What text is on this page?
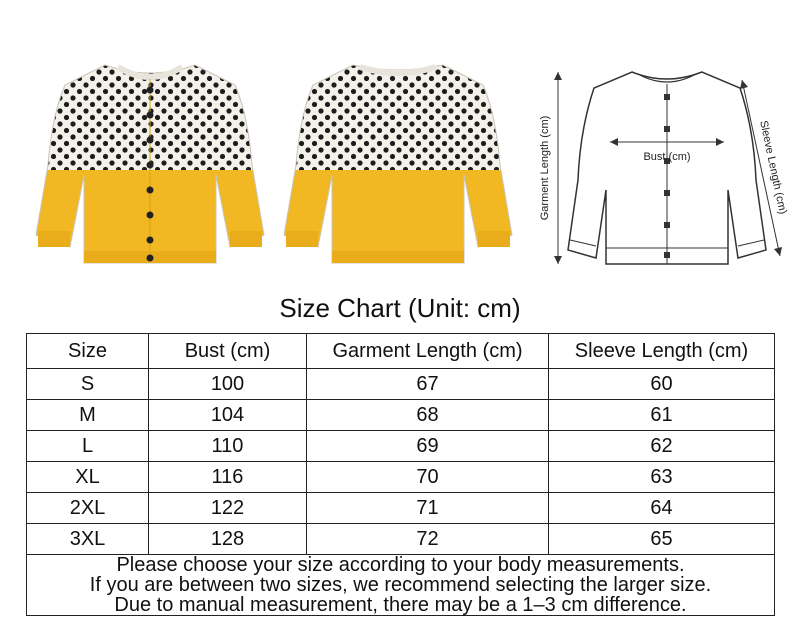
Bust (cm)
Garment Length (cm)	Sleeve Length (cm)
Size Chart (Unit: cm)
Size	Bust (cm)	Garment Length (cm)	Sleeve Length (cm)
S	100	67	60
M	104	68	61
L	110	69	62
XL	116	70	63
2XL	122	71	64
3XL	128	72	65

Please choose your size according to your body measurements.
If you are between two sizes, we recommend selecting the larger size.
Due to manual measurement, there may be a 1–3 cm difference.			
